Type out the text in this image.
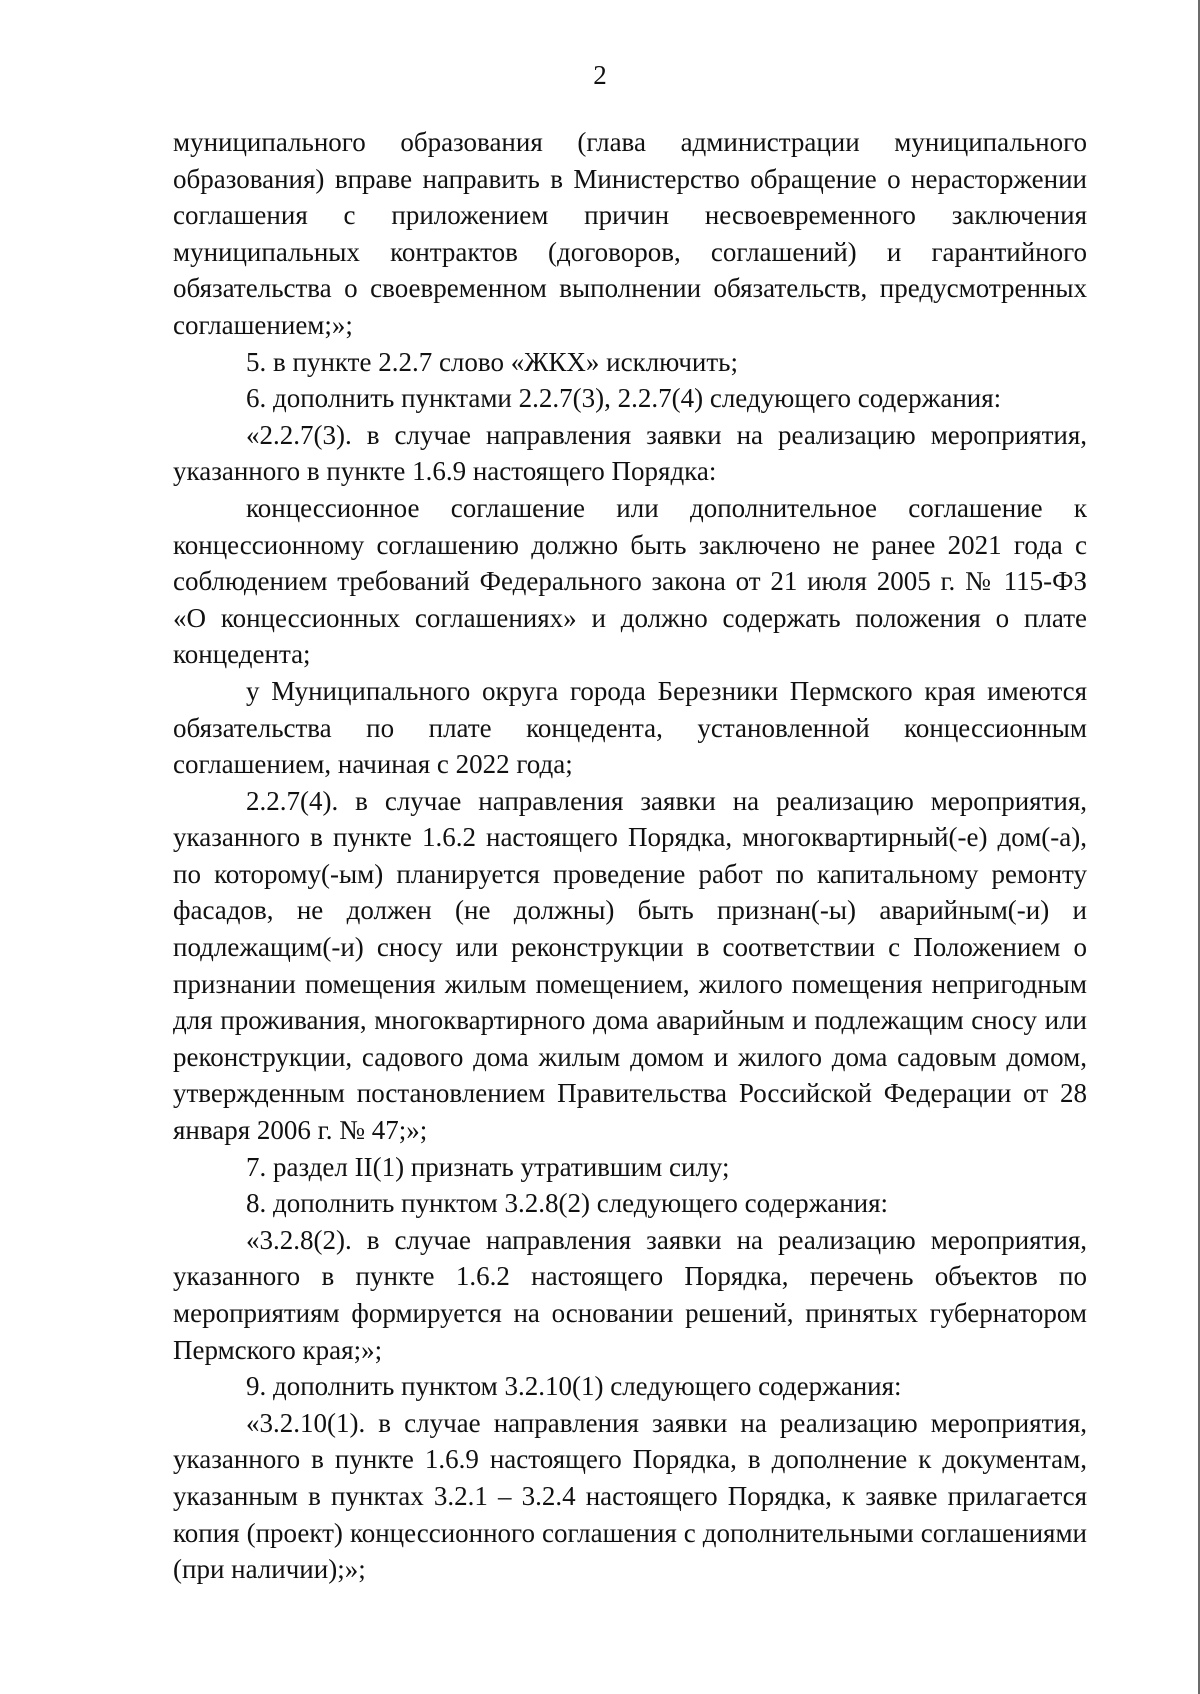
2

муниципального образования (глава администрации муниципального образования) вправе направить в Министерство обращение о нерасторжении соглашения с приложением причин несвоевременного заключения муниципальных контрактов (договоров, соглашений) и гарантийного обязательства о своевременном выполнении обязательств, предусмотренных соглашением;»;

5. в пункте 2.2.7 слово «ЖКХ» исключить;

6. дополнить пунктами 2.2.7(3), 2.2.7(4) следующего содержания:

«2.2.7(3). в случае направления заявки на реализацию мероприятия, указанного в пункте 1.6.9 настоящего Порядка:

концессионное соглашение или дополнительное соглашение к концессионному соглашению должно быть заключено не ранее 2021 года с соблюдением требований Федерального закона от 21 июля 2005 г. № 115-ФЗ «О концессионных соглашениях» и должно содержать положения о плате концедента;

у Муниципального округа города Березники Пермского края имеются обязательства по плате концедента, установленной концессионным соглашением, начиная с 2022 года;

2.2.7(4). в случае направления заявки на реализацию мероприятия, указанного в пункте 1.6.2 настоящего Порядка, многоквартирный(-е) дом(-а), по которому(-ым) планируется проведение работ по капитальному ремонту фасадов, не должен (не должны) быть признан(-ы) аварийным(-и) и подлежащим(-и) сносу или реконструкции в соответствии с Положением о признании помещения жилым помещением, жилого помещения непригодным для проживания, многоквартирного дома аварийным и подлежащим сносу или реконструкции, садового дома жилым домом и жилого дома садовым домом, утвержденным постановлением Правительства Российской Федерации от 28 января 2006 г. № 47;»;

7. раздел II(1) признать утратившим силу;

8. дополнить пунктом 3.2.8(2) следующего содержания:

«3.2.8(2). в случае направления заявки на реализацию мероприятия, указанного в пункте 1.6.2 настоящего Порядка, перечень объектов по мероприятиям формируется на основании решений, принятых губернатором Пермского края;»;

9. дополнить пунктом 3.2.10(1) следующего содержания:

«3.2.10(1). в случае направления заявки на реализацию мероприятия, указанного в пункте 1.6.9 настоящего Порядка, в дополнение к документам, указанным в пунктах 3.2.1 – 3.2.4 настоящего Порядка, к заявке прилагается копия (проект) концессионного соглашения с дополнительными соглашениями (при наличии);»;
